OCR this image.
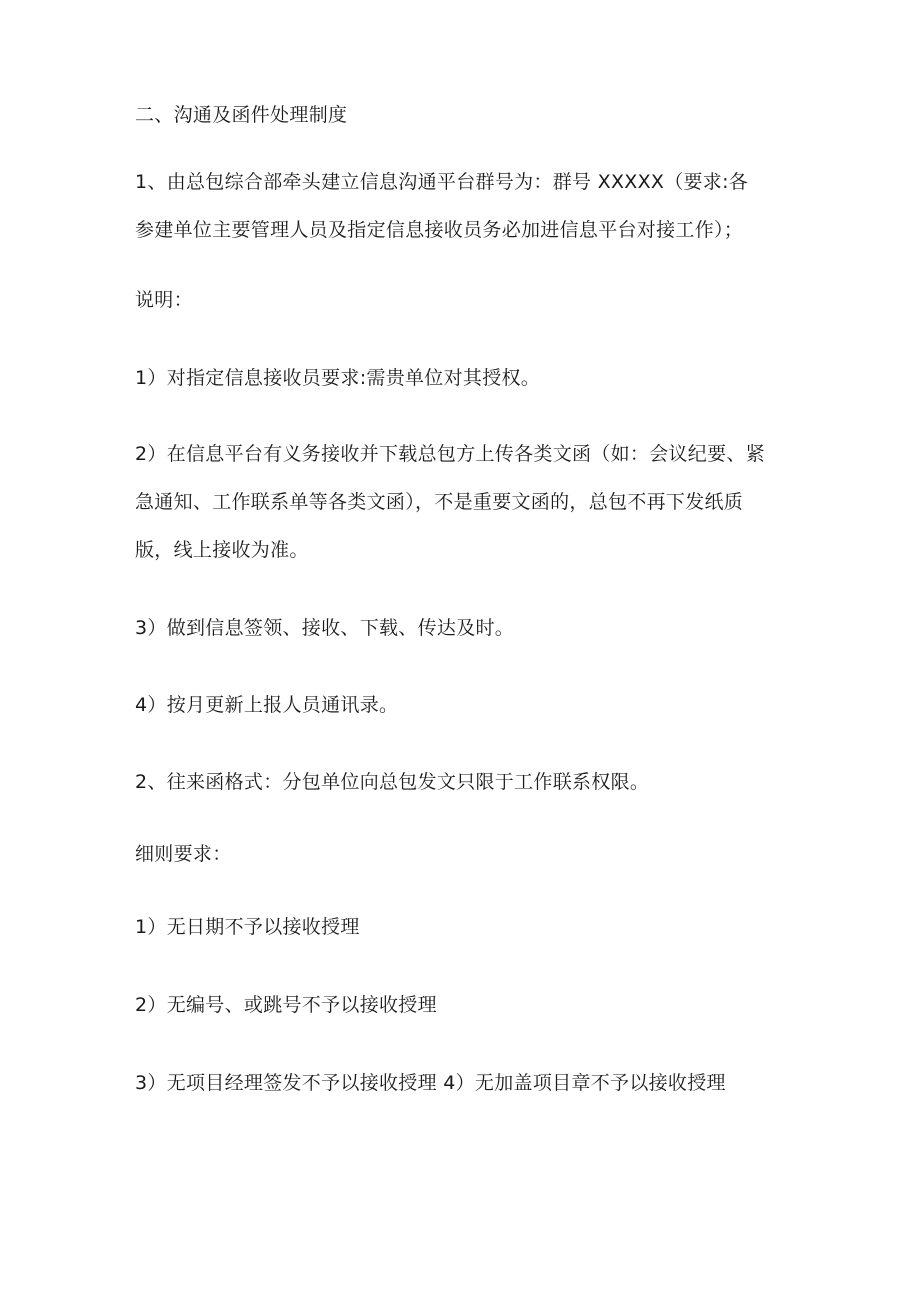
二、沟通及函件处理制度
1、由总包综合部牵头建立信息沟通平台群号为：群号 XXXXX（要求:各
参建单位主要管理人员及指定信息接收员务必加进信息平台对接工作）；
说明：
1）对指定信息接收员要求:需贵单位对其授权。
2）在信息平台有义务接收并下载总包方上传各类文函（如：会议纪要、紧
急通知、工作联系单等各类文函），不是重要文函的，总包不再下发纸质
版，线上接收为准。
3）做到信息签领、接收、下载、传达及时。
4）按月更新上报人员通讯录。
2、往来函格式：分包单位向总包发文只限于工作联系权限。
细则要求：
1）无日期不予以接收授理
2）无编号、或跳号不予以接收授理
3）无项目经理签发不予以接收授理 4）无加盖项目章不予以接收授理
